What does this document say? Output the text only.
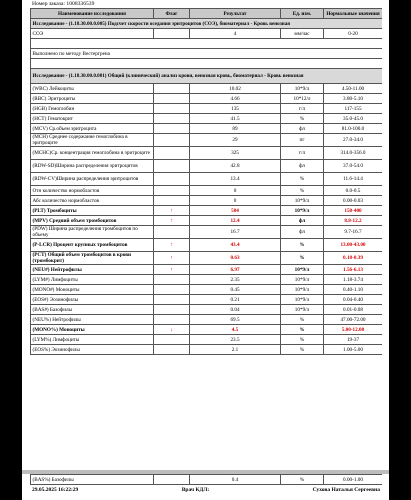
Номер заказа: 1008336539
Наименование исследования	Флаг	Результат	Ед. изм.	Нормальные значения
Исследование - (1.18.30.00.0.005) Подсчет скорости оседания эритроцитов (СОЭ), биоматериал - Кровь венозная				
СОЭ		4	мм/час	0-20

Выполнено по методу Вестергрена				

Исследование - (1.18.30.00.0.001) Общий (клинический) анализ крови, венозная кровь, биоматериал - Кровь венозная				
(WBC) Лейкоциты		10.02	10*9/л	4.50-11.00
(RBC) Эритроциты		4.66	10*12/л	3.80-5.10
(HGB) Гемоглобин		135	г/л	117-155
(HCT) Гематокрит		41.5	%	35.0-45.0
(MCV) Ср.объем эритроцита		89	фл	81.0-100.0
(MCH) Среднее содержание гемоглобина в эритроците		29	пг	27.0-34.0
(MCHC)Ср. концентрация гемоглобина в эритроците		325	г/л	314.0-356.0
(RDW-SD)Ширина распределения эритроцитов		42.8	фл	37.0-54.0
(RDW-CV)Ширина распределения эритроцитов		13.4	%	11.6-14.4
Отн количество нормобластов		0	%	0.0-0.5
Абс количество нормобластов		0	10*9/л	0.00-0.03
(PLT) Тромбоциты	↑	504	10*9/л	150-400
(MPV) Средний объем тромбоцитов	↑	12.4	фл	8.8-12.2
(PDW) Ширина распределения тромбоцитов по объему		16.7	фл	9.7-16.7
(P-LCR) Процент крупных тромбоцитов	↑	43.4	%	13.00-43.00
(PCT) Общий объем тромбоцитов в крови (тромбокрит)	↑	0.63	%	0.18-0.39
(NEU#) Нейтрофилы	↑	6.97	10*9/л	1.56-6.13
(LYM#) Лимфоциты		2.35	10*9/л	1.18-3.74
(MONO#) Моноциты		0.45	10*9/л	0.40-1.10
(EOS#) Эозинофилы		0.21	10*9/л	0.04-0.40
(BAS#) Базофилы		0.04	10*9/л	0.01-0.08
(NEU%) Нейтрофилы		69.5	%	47.00-72.00
(MONO%) Моноциты	↓	4.5	%	5.00-12.00
(LYM%) Лимфоциты		23.5	%	19-37
(EOS%) Эозинофилы		2.1	%	1.00-5.00
(BAS%) Базофилы		0.4	%	0.00-1.00
29.05.2025 16:22:29	Врач КДЛ:	Сухова Наталья Сергеевна
